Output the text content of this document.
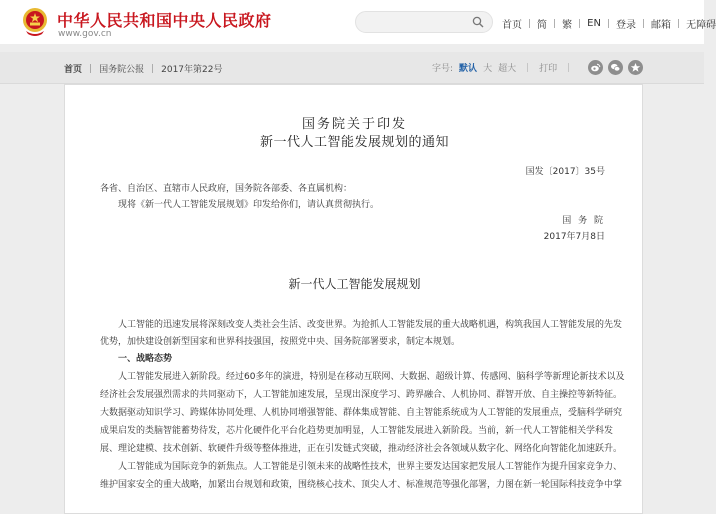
中华人民共和国中央人民政府
www.gov.cn
首页 | 简 | 繁 | EN | 登录 | 邮箱 | 无障碍
首页 | 国务院公报 | 2017年第22号	字号: 默认 大 超大 | 打印 |
国务院关于印发
新一代人工智能发展规划的通知
国发〔2017〕35号
各省、自治区、直辖市人民政府，国务院各部委、各直属机构：
现将《新一代人工智能发展规划》印发给你们，请认真贯彻执行。
国 务 院
2017年7月8日
新一代人工智能发展规划
人工智能的迅速发展将深刻改变人类社会生活、改变世界。为抢抓人工智能发展的重大战略机遇，构筑我国人工智能发展的先发
优势，加快建设创新型国家和世界科技强国，按照党中央、国务院部署要求，制定本规划。
一、战略态势
人工智能发展进入新阶段。经过60多年的演进，特别是在移动互联网、大数据、超级计算、传感网、脑科学等新理论新技术以及
经济社会发展强烈需求的共同驱动下，人工智能加速发展，呈现出深度学习、跨界融合、人机协同、群智开放、自主操控等新特征。
大数据驱动知识学习、跨媒体协同处理、人机协同增强智能、群体集成智能、自主智能系统成为人工智能的发展重点，受脑科学研究
成果启发的类脑智能蓄势待发，芯片化硬件化平台化趋势更加明显，人工智能发展进入新阶段。当前，新一代人工智能相关学科发
展、理论建模、技术创新、软硬件升级等整体推进，正在引发链式突破，推动经济社会各领域从数字化、网络化向智能化加速跃升。
人工智能成为国际竞争的新焦点。人工智能是引领未来的战略性技术，世界主要发达国家把发展人工智能作为提升国家竞争力、
维护国家安全的重大战略，加紧出台规划和政策，围绕核心技术、顶尖人才、标准规范等强化部署，力图在新一轮国际科技竞争中掌
